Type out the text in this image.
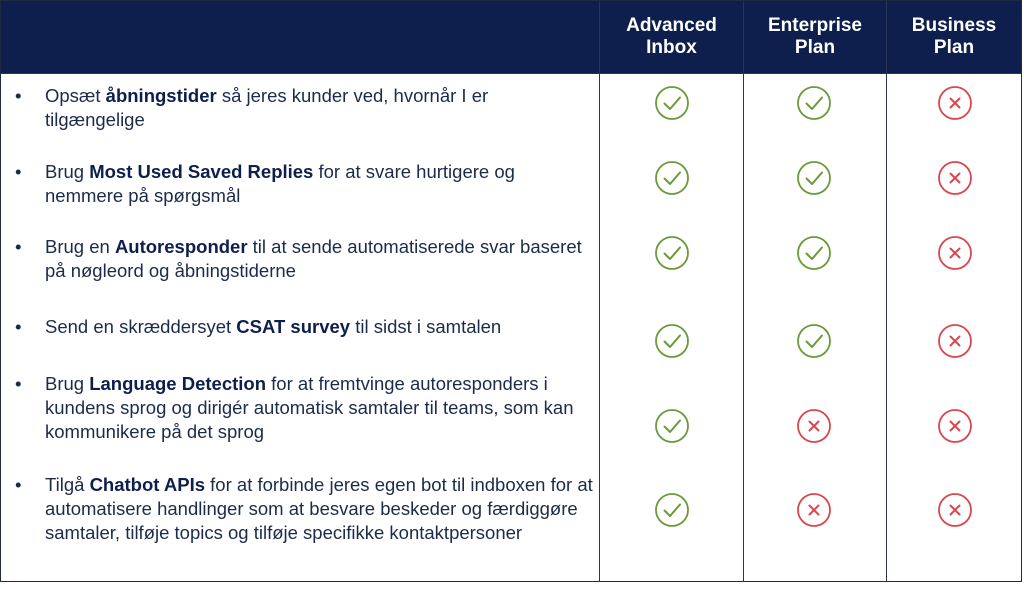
Advanced
Inbox
Enterprise
Plan
Business
Plan
• Opsæt åbningstider så jeres kunder ved, hvornår I er tilgængelige
• Brug Most Used Saved Replies for at svare hurtigere og nemmere på spørgsmål
• Brug en Autoresponder til at sende automatiserede svar baseret på nøgleord og åbningstiderne
• Send en skræddersyet CSAT survey til sidst i samtalen
• Brug Language Detection for at fremtvinge autoresponders i kundens sprog og dirigér automatisk samtaler til teams, som kan kommunikere på det sprog
• Tilgå Chatbot APIs for at forbinde jeres egen bot til indboxen for at automatisere handlinger som at besvare beskeder og færdiggøre samtaler, tilføje topics og tilføje specifikke kontaktpersoner
